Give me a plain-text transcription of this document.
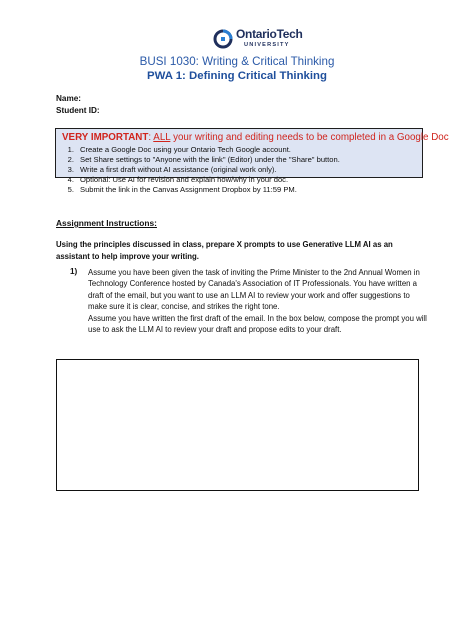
OntarioTech
UNIVERSITY
BUSI 1030: Writing & Critical Thinking
PWA 1: Defining Critical Thinking
Name:
Student ID:
VERY IMPORTANT: ALL your writing and editing needs to be completed in a Google Doc
1. Create a Google Doc using your Ontario Tech Google account.
2. Set Share settings to "Anyone with the link" (Editor) under the "Share" button.
3. Write a first draft without AI assistance (original work only).
4. Optional: Use AI for revision and explain how/why in your doc.
5. Submit the link in the Canvas Assignment Dropbox by 11:59 PM.
Assignment Instructions:
Using the principles discussed in class, prepare X prompts to use Generative LLM AI as an assistant to help improve your writing.
1) Assume you have been given the task of inviting the Prime Minister to the 2nd Annual Women in Technology Conference hosted by Canada's Association of IT Professionals. You have written a draft of the email, but you want to use an LLM AI to review your work and offer suggestions to make sure it is clear, concise, and strikes the right tone.

Assume you have written the first draft of the email. In the box below, compose the prompt you will use to ask the LLM AI to review your draft and propose edits to your draft.
